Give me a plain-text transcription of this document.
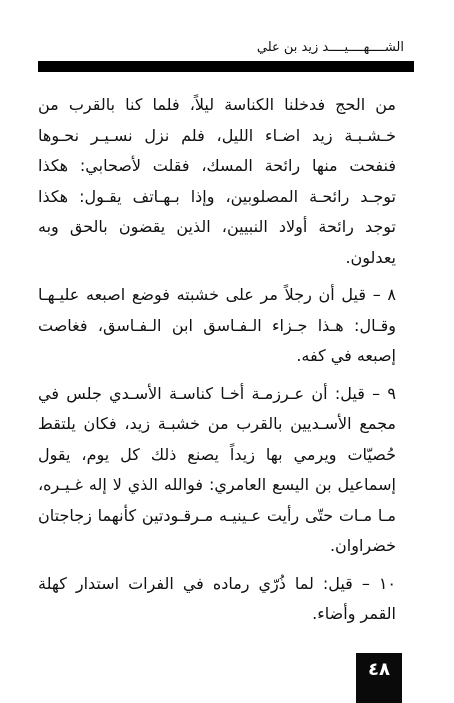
الشــــهــــيــــد زيد بن علي

من الحج فدخلنا الكناسة ليلاً، فلما كنا بالقرب من خـشـبـة زيد اضـاء الليل، فلم نزل نسـيـر نحـوها فنفحت منها رائحة المسك، فقلت لأصحابي: هكذا توجـد رائحـة المصلوبين، وإذا بـهـاتف يقـول: هكذا توجد رائحة أولاد النبيين، الذين يقضون بالحق وبه يعدلون.

٨ – قيل أن رجلاً مر على خشبته فوضع اصبعه عليـهـا وقـال: هـذا جـزاء الـفـاسق ابن الـفـاسق، فغاصت إصبعه في كفه.

٩ – قيل: أن عـرزمـة أخـا كناسـة الأسـدي جلس في مجمع الأسـديين بالقرب من خشبـة زيد، فكان يلتقط حُصيّات ويرمي بها زيداً يصنع ذلك كل يوم، يقول إسماعيل بن اليسع العامري: فوالله الذي لا إله غـيـره، مـا مـات حتّى رأيت عـينيـه مـرقـودتين كأنهما زجاجتان خضراوان.

١٠ – قيل: لما ذُرّي رماده في الفرات استدار كهلة القمر وأضاء.

٤٨
